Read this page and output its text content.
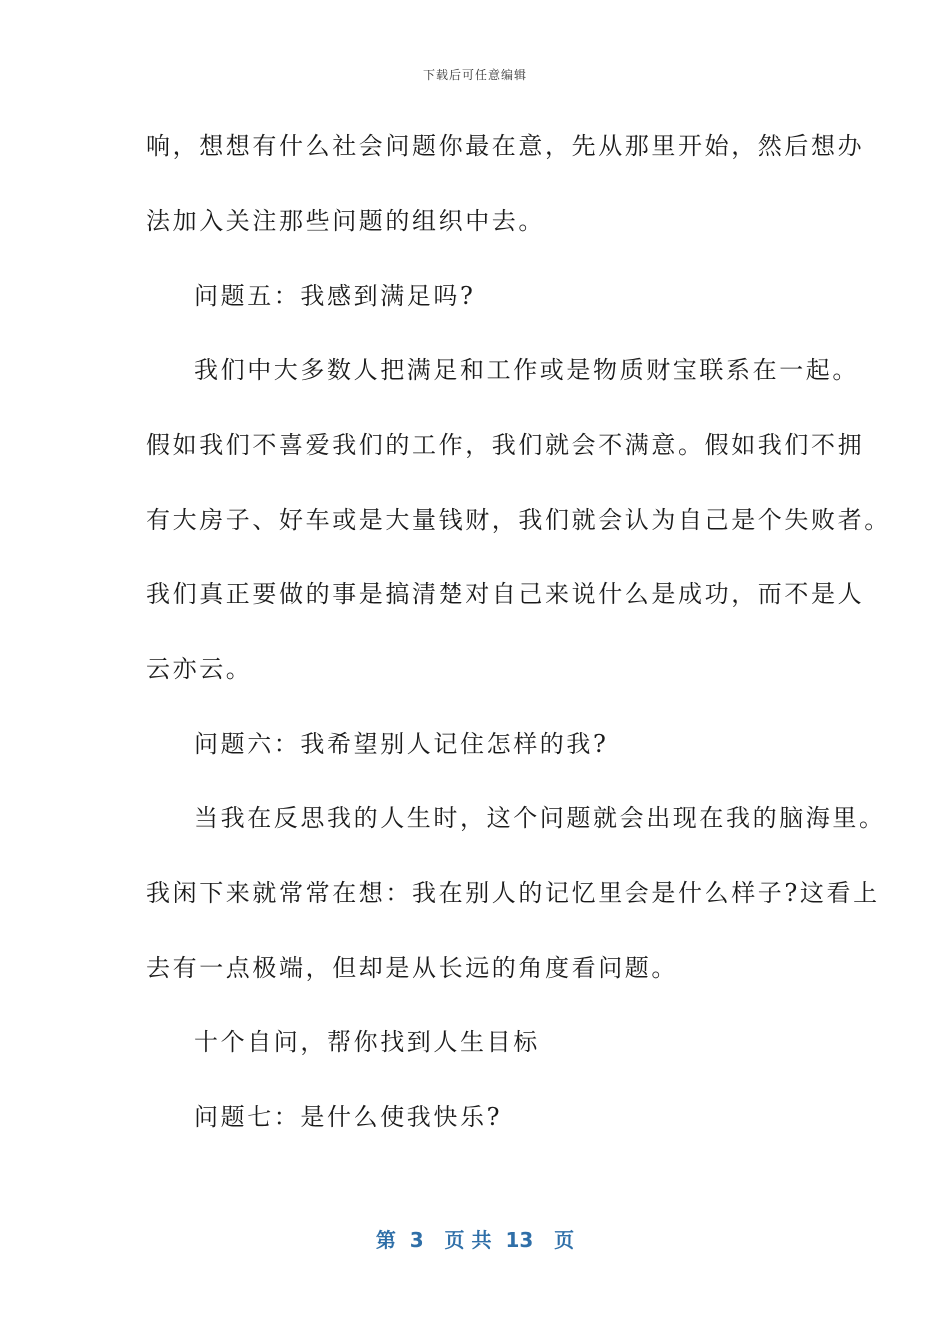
下载后可任意编辑
响，想想有什么社会问题你最在意，先从那里开始，然后想办
法加入关注那些问题的组织中去。
问题五：我感到满足吗?
我们中大多数人把满足和工作或是物质财宝联系在一起。
假如我们不喜爱我们的工作，我们就会不满意。假如我们不拥
有大房子、好车或是大量钱财，我们就会认为自己是个失败者。
我们真正要做的事是搞清楚对自己来说什么是成功，而不是人
云亦云。
问题六：我希望别人记住怎样的我?
当我在反思我的人生时，这个问题就会出现在我的脑海里。
我闲下来就常常在想：我在别人的记忆里会是什么样子?这看上
去有一点极端，但却是从长远的角度看问题。
十个自问，帮你找到人生目标
问题七：是什么使我快乐?
第  3   页 共  13   页
